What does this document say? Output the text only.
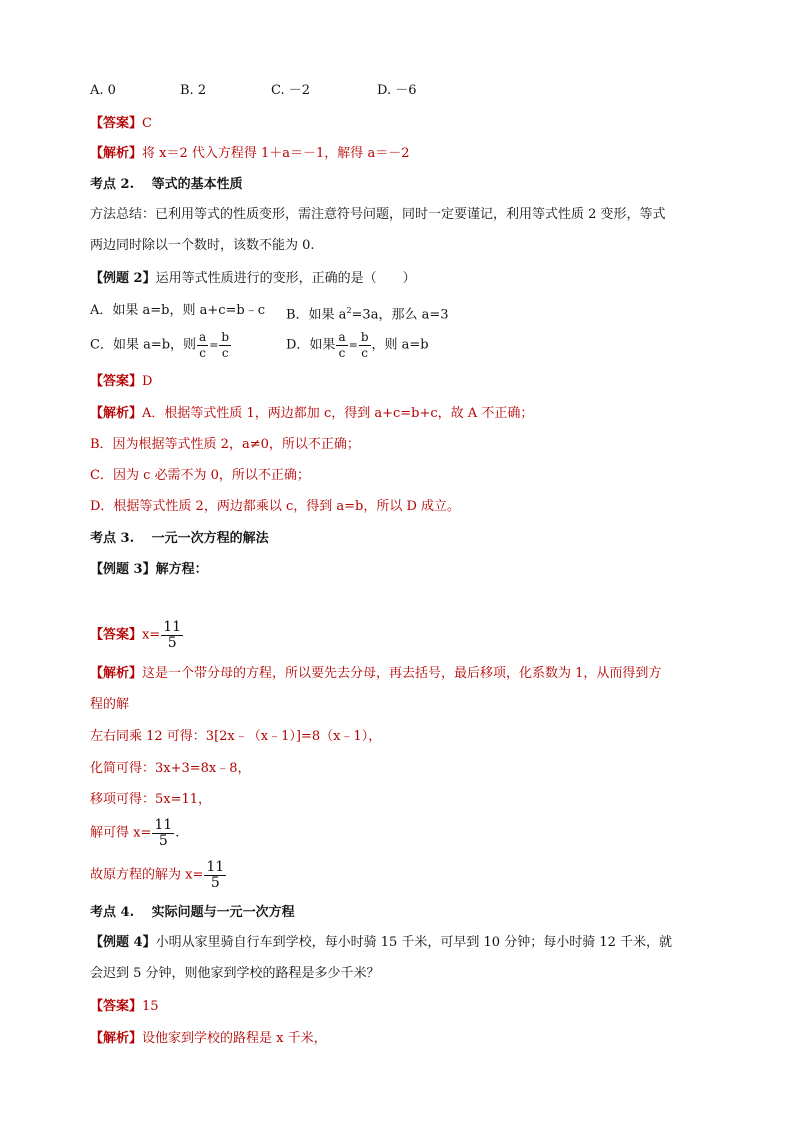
A. 0	B. 2	C. －2	D. －6
【答案】C
【解析】将 x＝2 代入方程得 1＋a＝－1，解得 a＝－2
考点 2.　 等式的基本性质
方法总结：已利用等式的性质变形，需注意符号问题，同时一定要谨记，利用等式性质 2 变形，等式
两边同时除以一个数时，该数不能为 0.
【例题 2】运用等式性质进行的变形，正确的是（　　）
A．如果 a=b，则 a+c=b﹣c B．如果 $a^2=3a$，那么 a=3
C．如果 a=b，则 $\frac{a}{c} = \frac{b}{c}$	D．如果 $\frac{a}{c} = \frac{b}{c}$ ，则 a=b
【答案】D
【解析】A．根据等式性质 1，两边都加 c，得到 a+c=b+c，故 A 不正确；
B．因为根据等式性质 2，a≠0，所以不正确；
C．因为 c 必需不为 0，所以不正确；
D．根据等式性质 2，两边都乘以 c，得到 a=b，所以 D 成立。
考点 3.　 一元一次方程的解法
【例题 3】解方程：
【答案】$x= \frac{11}{5}$
【解析】这是一个带分母的方程，所以要先去分母，再去括号，最后移项，化系数为 1，从而得到方
程的解
左右同乘 12 可得：3[2x﹣（x﹣1）]=8（x﹣1），
化简可得：3x+3=8x﹣8，
移项可得：5x=11，
解可得 $x= \frac{11}{5}$ .
故原方程的解为 $x= \frac{11}{5}$
考点 4.　 实际问题与一元一次方程
【例题 4】小明从家里骑自行车到学校，每小时骑 15 千米，可早到 10 分钟；每小时骑 12 千米，就
会迟到 5 分钟，则他家到学校的路程是多少千米？
【答案】15
【解析】设他家到学校的路程是 x 千米，
